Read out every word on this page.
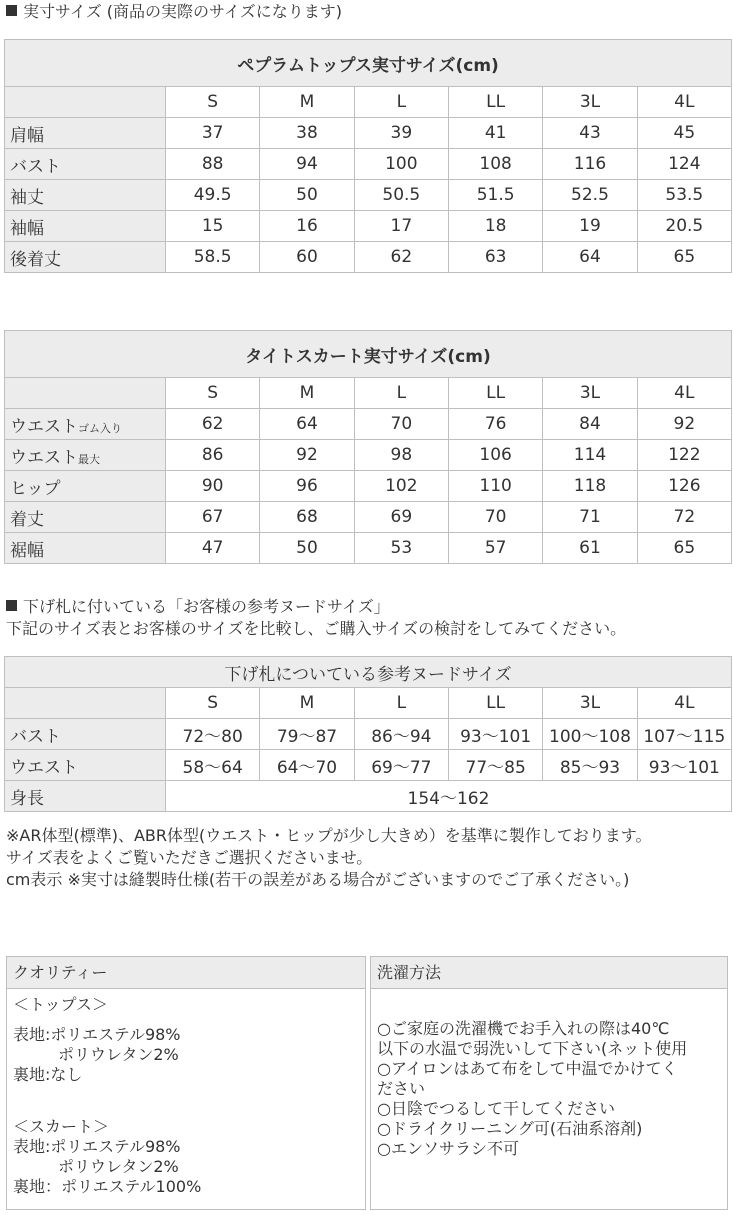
実寸サイズ (商品の実際のサイズになります)
ペプラムトップス実寸サイズ(cm)						
	S	M	L	LL	3L	4L
肩幅	37	38	39	41	43	45
バスト	88	94	100	108	116	124
袖丈	49.5	50	50.5	51.5	52.5	53.5
袖幅	15	16	17	18	19	20.5
後着丈	58.5	60	62	63	64	65
タイトスカート実寸サイズ(cm)						
	S	M	L	LL	3L	4L
ウエストゴム入り	62	64	70	76	84	92
ウエスト最大	86	92	98	106	114	122
ヒップ	90	96	102	110	118	126
着丈	67	68	69	70	71	72
裾幅	47	50	53	57	61	65
下げ札に付いている「お客様の参考ヌードサイズ」
下記のサイズ表とお客様のサイズを比較し、ご購入サイズの検討をしてみてください。
下げ札についている参考ヌードサイズ						
	S	M	L	LL	3L	4L
バスト	72〜80	79〜87	86〜94	93〜101	100〜108	107〜115
ウエスト	58〜64	64〜70	69〜77	77〜85	85〜93	93〜101
身長	154〜162					
※AR体型(標準)、ABR体型(ウエスト・ヒップが少し大きめ）を基準に製作しております。
サイズ表をよくご覧いただきご選択くださいませ。
cm表示 ※実寸は縫製時仕様(若干の誤差がある場合がございますのでご了承ください。)
クオリティー
＜トップス＞
表地:ポリエステル98%
ポリウレタン2%
裏地:なし
＜スカート＞
表地:ポリエステル98%
ポリウレタン2%
裏地：ポリエステル100%
洗濯方法
○ご家庭の洗濯機でお手入れの際は40℃
以下の水温で弱洗いして下さい(ネット使用
○アイロンはあて布をして中温でかけてく
ださい
○日陰でつるして干してください
○ドライクリーニング可(石油系溶剤)
○エンソサラシ不可
